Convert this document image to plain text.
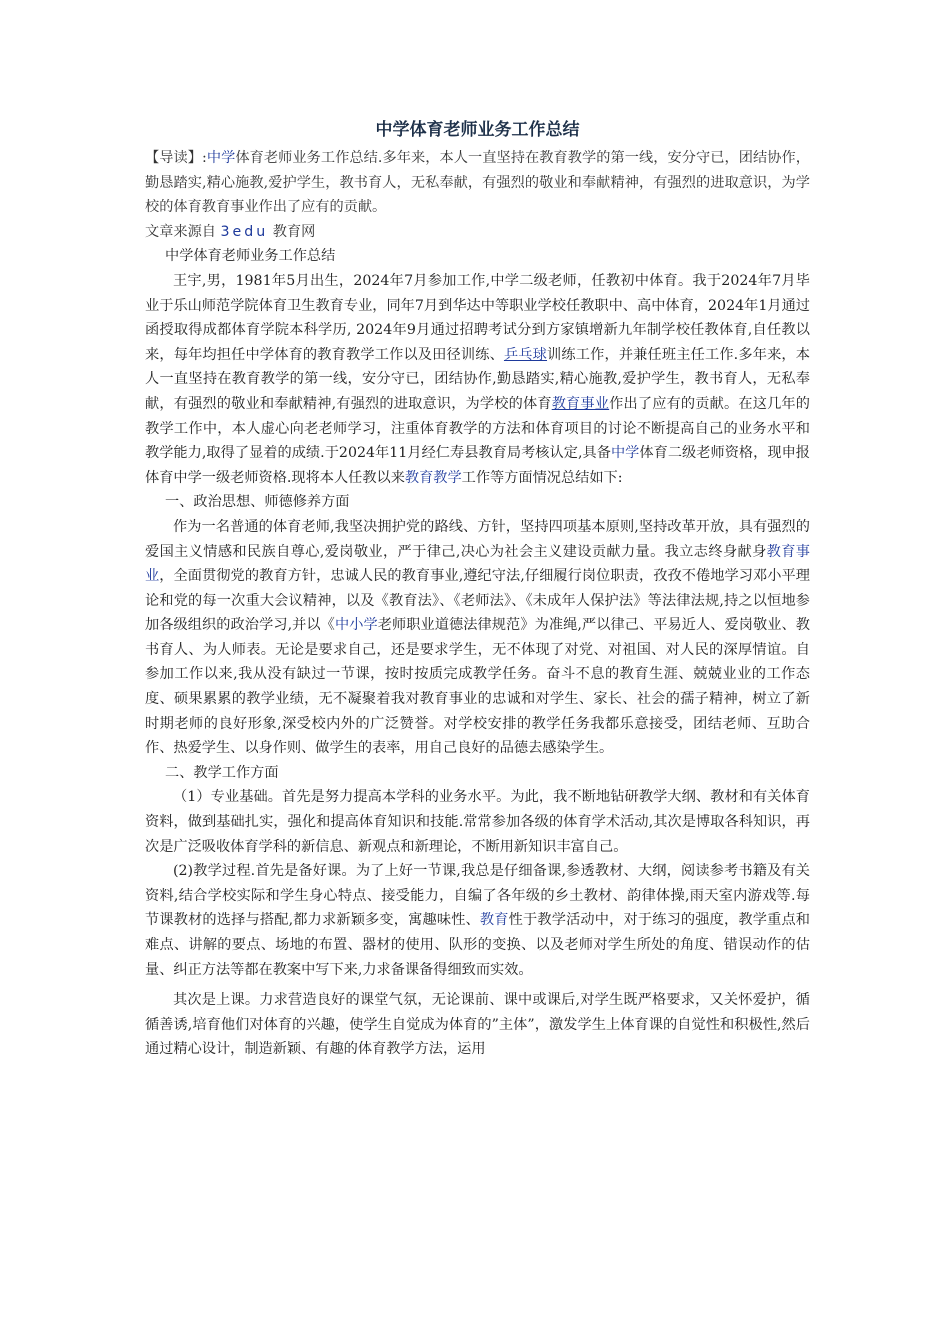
中学体育老师业务工作总结

【导读】:中学体育老师业务工作总结.多年来，本人一直坚持在教育教学的第一线，安分守已，团结协作，勤恳踏实,精心施教,爱护学生，教书育人，无私奉献，有强烈的敬业和奉献精神，有强烈的进取意识，为学校的体育教育事业作出了应有的贡献。

文章来源自 3edu 教育网

中学体育老师业务工作总结

王宇,男，1981年5月出生，2024年7月参加工作,中学二级老师，任教初中体育。我于2024年7月毕业于乐山师范学院体育卫生教育专业，同年7月到华达中等职业学校任教职中、高中体育，2024年1月通过函授取得成都体育学院本科学历, 2024年9月通过招聘考试分到方家镇增新九年制学校任教体育,自任教以来，每年均担任中学体育的教育教学工作以及田径训练、乒乓球训练工作，并兼任班主任工作.多年来，本人一直坚持在教育教学的第一线，安分守已，团结协作,勤恳踏实,精心施教,爱护学生，教书育人，无私奉献，有强烈的敬业和奉献精神,有强烈的进取意识，为学校的体育教育事业作出了应有的贡献。在这几年的教学工作中，本人虚心向老老师学习，注重体育教学的方法和体育项目的讨论不断提高自己的业务水平和教学能力,取得了显着的成绩.于2024年11月经仁寿县教育局考核认定,具备中学体育二级老师资格，现申报体育中学一级老师资格.现将本人任教以来教育教学工作等方面情况总结如下:

一、政治思想、师德修养方面

作为一名普通的体育老师,我坚决拥护党的路线、方针，坚持四项基本原则,坚持改革开放，具有强烈的爱国主义情感和民族自尊心,爱岗敬业，严于律己,决心为社会主义建设贡献力量。我立志终身献身教育事业，全面贯彻党的教育方针，忠诚人民的教育事业,遵纪守法,仔细履行岗位职责，孜孜不倦地学习邓小平理论和党的每一次重大会议精神，以及《教育法》、《老师法》、《未成年人保护法》等法律法规,持之以恒地参加各级组织的政治学习,并以《中小学老师职业道德法律规范》为准绳,严以律己、平易近人、爱岗敬业、教书育人、为人师表。无论是要求自己，还是要求学生，无不体现了对党、对祖国、对人民的深厚情谊。自参加工作以来,我从没有缺过一节课，按时按质完成教学任务。奋斗不息的教育生涯、兢兢业业的工作态度、硕果累累的教学业绩，无不凝聚着我对教育事业的忠诚和对学生、家长、社会的孺子精神，树立了新时期老师的良好形象,深受校内外的广泛赞誉。对学校安排的教学任务我都乐意接受，团结老师、互助合作、热爱学生、以身作则、做学生的表率，用自己良好的品德去感染学生。

二、教学工作方面

（1）专业基础。首先是努力提高本学科的业务水平。为此，我不断地钻研教学大纲、教材和有关体育资料，做到基础扎实，强化和提高体育知识和技能.常常参加各级的体育学术活动,其次是博取各科知识，再次是广泛吸收体育学科的新信息、新观点和新理论，不断用新知识丰富自己。

(2)教学过程.首先是备好课。为了上好一节课,我总是仔细备课,参透教材、大纲，阅读参考书籍及有关资料,结合学校实际和学生身心特点、接受能力，自编了各年级的乡土教材、韵律体操,雨天室内游戏等.每节课教材的选择与搭配,都力求新颖多变，寓趣味性、教育性于教学活动中，对于练习的强度，教学重点和难点、讲解的要点、场地的布置、器材的使用、队形的变换、以及老师对学生所处的角度、错误动作的估量、纠正方法等都在教案中写下来,力求备课备得细致而实效。

其次是上课。力求营造良好的课堂气氛，无论课前、课中或课后,对学生既严格要求，又关怀爱护，循循善诱,培育他们对体育的兴趣，使学生自觉成为体育的”主体”，激发学生上体育课的自觉性和积极性,然后通过精心设计，制造新颖、有趣的体育教学方法，运用
